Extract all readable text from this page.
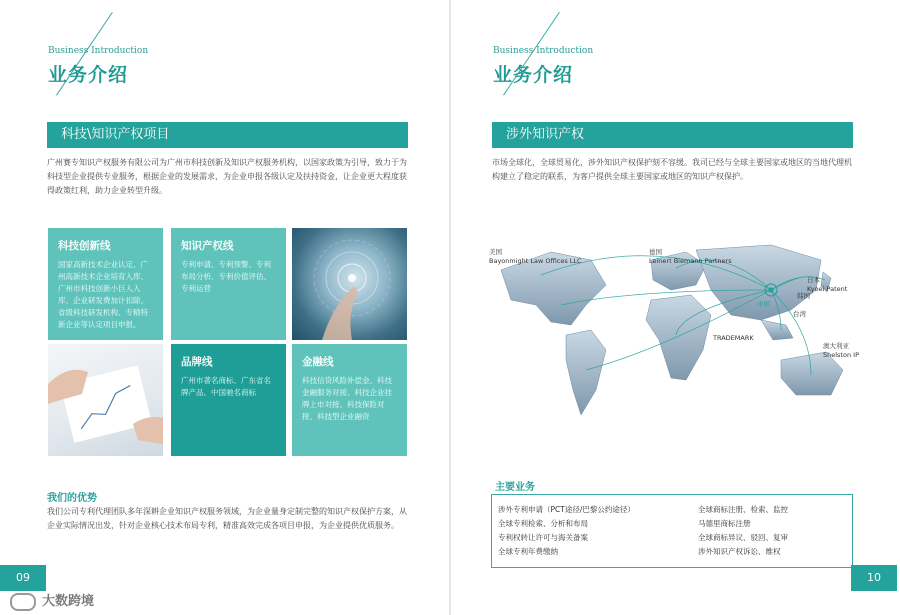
Business Introduction
业务介绍
科技\知识产权项目
广州赛专知识产权服务有限公司为广州市科技创新及知识产权服务机构，以国家政策为引导，致力于为科技型企业提供专业服务，根据企业的发展需求，为企业申报各级认定及扶持资金，让企业更大程度获得政策红利，助力企业转型升级。
科技创新线
国家高新技术企业认定、广州高新技术企业培育入库、广州市科技创新小巨人入库、企业研发费加计扣除、省级科技研发机构、专精特新企业等认定项目申报。
知识产权线
专利申请、专利预警、专利布局分析、专利价值评估、专利运营
品牌线
广州市著名商标、广东省名牌产品、中国驰名商标
金融线
科技信贷风险补偿金、科技金融服务对接、科技企业挂牌上市对接、科技保险对接、科技型企业融资
我们的优势
我们公司专利代理团队多年深耕企业知识产权服务领域，为企业量身定制完整的知识产权保护方案，从企业实际情况出发，针对企业核心技术布局专利，精准高效完成各项目申报，为企业提供优质服务。
09
大数跨境
Business Introduction
业务介绍
涉外知识产权
市场全球化，全球贸易化，涉外知识产权保护刻不容缓。我司已经与全球主要国家或地区的当地代理机构建立了稳定的联系，为客户提供全球主要国家或地区的知识产权保护。
美国
Bayonmight Law Offices LLC
德国
Leinert Biemann Partners
日本
Kyoei Patent
韩国
中国
台湾
TRADEMARK
澳大利亚
Shelston IP
主要业务
涉外专利申请（PCT途径/巴黎公约途径）
全球专利检索、分析和布局
专利权转让许可与海关备案
全球专利年费缴纳
全球商标注册、检索、监控
马德里商标注册
全球商标异议、驳回、复审
涉外知识产权诉讼、维权
10
